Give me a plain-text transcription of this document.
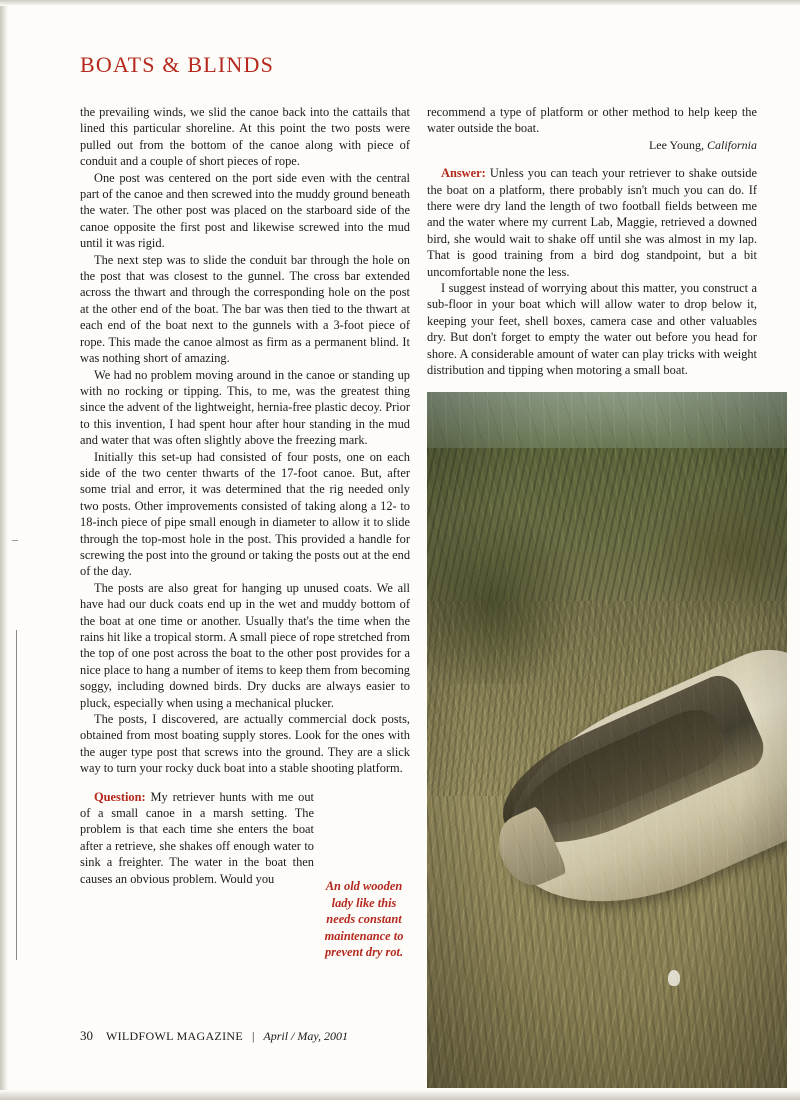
BOATS & BLINDS

the prevailing winds, we slid the canoe back into the cattails that lined this particular shoreline. At this point the two posts were pulled out from the bottom of the canoe along with piece of conduit and a couple of short pieces of rope.

One post was centered on the port side even with the central part of the canoe and then screwed into the muddy ground beneath the water. The other post was placed on the starboard side of the canoe opposite the first post and likewise screwed into the mud until it was rigid.

The next step was to slide the conduit bar through the hole on the post that was closest to the gunnel. The cross bar extended across the thwart and through the corresponding hole on the post at the other end of the boat. The bar was then tied to the thwart at each end of the boat next to the gunnels with a 3-foot piece of rope. This made the canoe almost as firm as a permanent blind. It was nothing short of amazing.

We had no problem moving around in the canoe or standing up with no rocking or tipping. This, to me, was the greatest thing since the advent of the lightweight, hernia-free plastic decoy. Prior to this invention, I had spent hour after hour standing in the mud and water that was often slightly above the freezing mark.

Initially this set-up had consisted of four posts, one on each side of the two center thwarts of the 17-foot canoe. But, after some trial and error, it was determined that the rig needed only two posts. Other improvements consisted of taking along a 12- to 18-inch piece of pipe small enough in diameter to allow it to slide through the top-most hole in the post. This provided a handle for screwing the post into the ground or taking the posts out at the end of the day.

The posts are also great for hanging up unused coats. We all have had our duck coats end up in the wet and muddy bottom of the boat at one time or another. Usually that's the time when the rains hit like a tropical storm. A small piece of rope stretched from the top of one post across the boat to the other post provides for a nice place to hang a number of items to keep them from becoming soggy, including downed birds. Dry ducks are always easier to pluck, especially when using a mechanical plucker.

The posts, I discovered, are actually commercial dock posts, obtained from most boating supply stores. Look for the ones with the auger type post that screws into the ground. They are a slick way to turn your rocky duck boat into a stable shooting platform.

Question: My retriever hunts with me out of a small canoe in a marsh setting. The problem is that each time she enters the boat after a retrieve, she shakes off enough water to sink a freighter. The water in the boat then causes an obvious problem. Would you

An old wooden lady like this needs constant maintenance to prevent dry rot.

recommend a type of platform or other method to help keep the water outside the boat.

Lee Young, California

Answer: Unless you can teach your retriever to shake outside the boat on a platform, there probably isn't much you can do. If there were dry land the length of two football fields between me and the water where my current Lab, Maggie, retrieved a downed bird, she would wait to shake off until she was almost in my lap. That is good training from a bird dog standpoint, but a bit uncomfortable none the less.

I suggest instead of worrying about this matter, you construct a sub-floor in your boat which will allow water to drop below it, keeping your feet, shell boxes, camera case and other valuables dry. But don't forget to empty the water out before you head for shore. A considerable amount of water can play tricks with weight distribution and tipping when motoring a small boat.

30 WILDFOWL MAGAZINE | April / May, 2001
